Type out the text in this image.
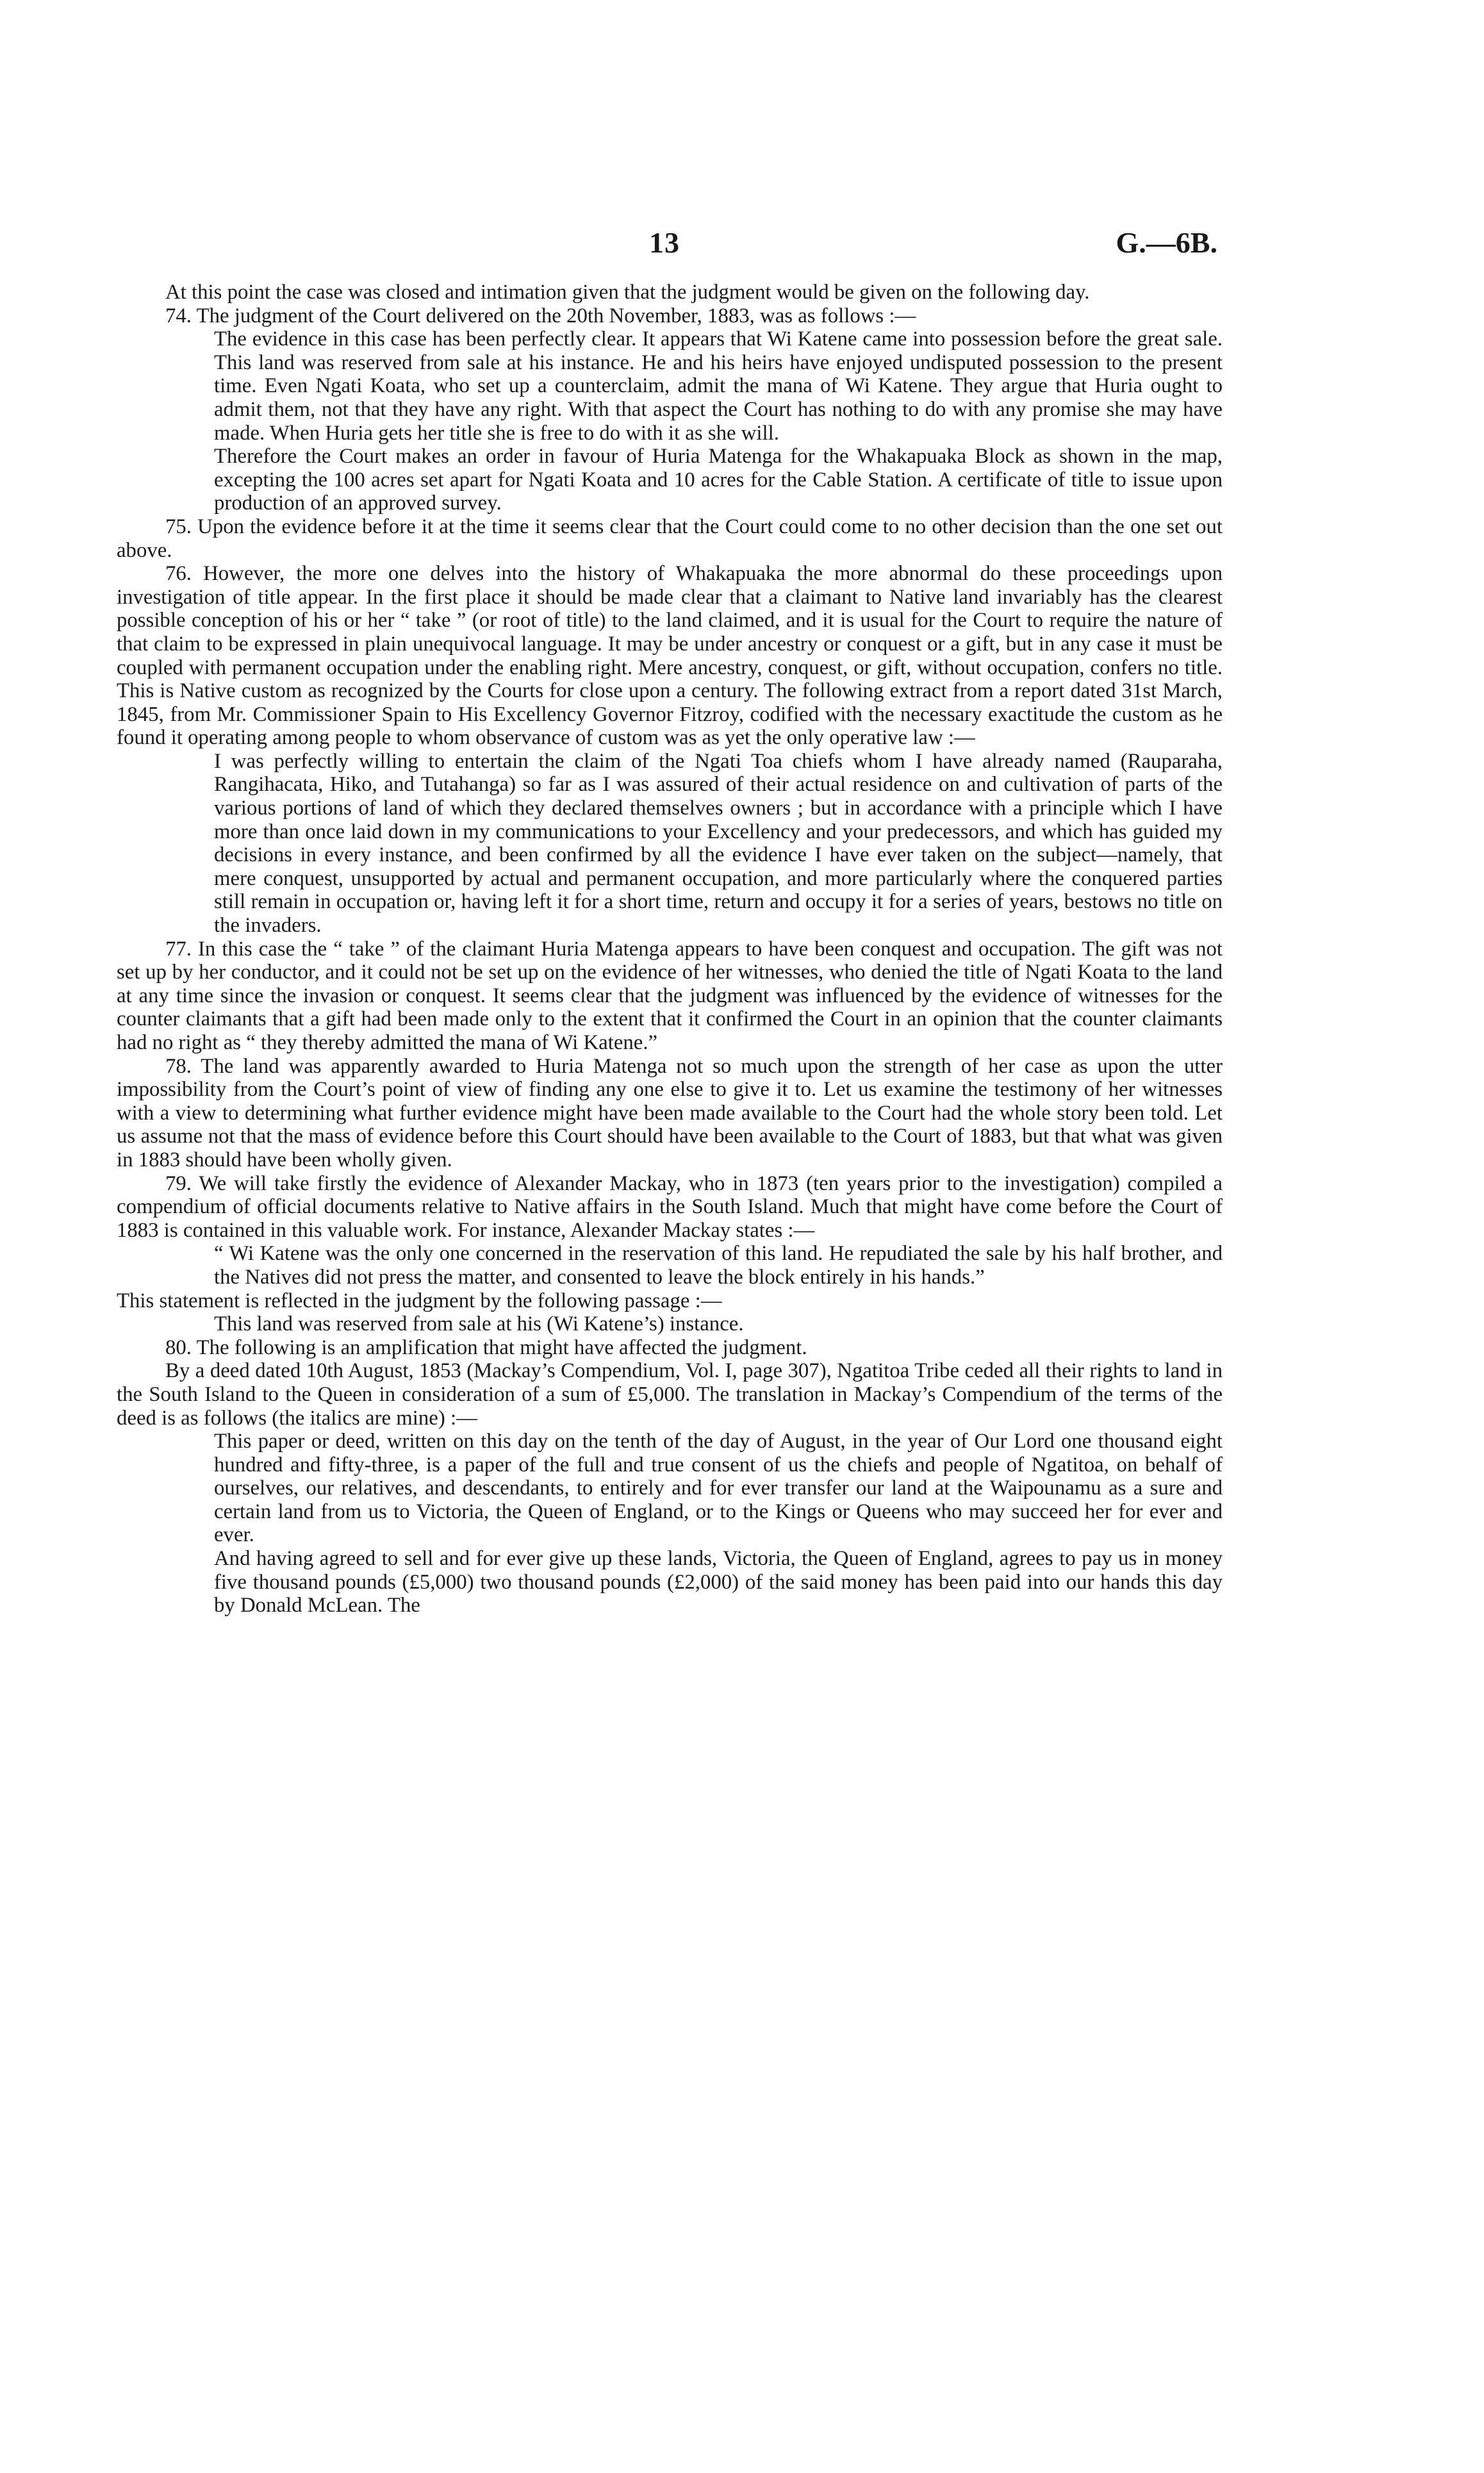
13	G.—6B.

At this point the case was closed and intimation given that the judgment would be given on the following day.

74. The judgment of the Court delivered on the 20th November, 1883, was as follows :—

The evidence in this case has been perfectly clear. It appears that Wi Katene came into possession before the great sale. This land was reserved from sale at his instance. He and his heirs have enjoyed undisputed possession to the present time. Even Ngati Koata, who set up a counterclaim, admit the mana of Wi Katene. They argue that Huria ought to admit them, not that they have any right. With that aspect the Court has nothing to do with any promise she may have made. When Huria gets her title she is free to do with it as she will.

Therefore the Court makes an order in favour of Huria Matenga for the Whakapuaka Block as shown in the map, excepting the 100 acres set apart for Ngati Koata and 10 acres for the Cable Station. A certificate of title to issue upon production of an approved survey.

75. Upon the evidence before it at the time it seems clear that the Court could come to no other decision than the one set out above.

76. However, the more one delves into the history of Whakapuaka the more abnormal do these proceedings upon investigation of title appear. In the first place it should be made clear that a claimant to Native land invariably has the clearest possible conception of his or her “ take ” (or root of title) to the land claimed, and it is usual for the Court to require the nature of that claim to be expressed in plain unequivocal language. It may be under ancestry or conquest or a gift, but in any case it must be coupled with permanent occupation under the enabling right. Mere ancestry, conquest, or gift, without occupation, confers no title. This is Native custom as recognized by the Courts for close upon a century. The following extract from a report dated 31st March, 1845, from Mr. Commissioner Spain to His Excellency Governor Fitzroy, codified with the necessary exactitude the custom as he found it operating among people to whom observance of custom was as yet the only operative law :—

I was perfectly willing to entertain the claim of the Ngati Toa chiefs whom I have already named (Rauparaha, Rangihacata, Hiko, and Tutahanga) so far as I was assured of their actual residence on and cultivation of parts of the various portions of land of which they declared themselves owners ; but in accordance with a principle which I have more than once laid down in my communications to your Excellency and your predecessors, and which has guided my decisions in every instance, and been confirmed by all the evidence I have ever taken on the subject—namely, that mere conquest, unsupported by actual and permanent occupation, and more particularly where the conquered parties still remain in occupation or, having left it for a short time, return and occupy it for a series of years, bestows no title on the invaders.

77. In this case the “ take ” of the claimant Huria Matenga appears to have been conquest and occupation. The gift was not set up by her conductor, and it could not be set up on the evidence of her witnesses, who denied the title of Ngati Koata to the land at any time since the invasion or conquest. It seems clear that the judgment was influenced by the evidence of witnesses for the counter claimants that a gift had been made only to the extent that it confirmed the Court in an opinion that the counter claimants had no right as “ they thereby admitted the mana of Wi Katene.”

78. The land was apparently awarded to Huria Matenga not so much upon the strength of her case as upon the utter impossibility from the Court’s point of view of finding any one else to give it to. Let us examine the testimony of her witnesses with a view to determining what further evidence might have been made available to the Court had the whole story been told. Let us assume not that the mass of evidence before this Court should have been available to the Court of 1883, but that what was given in 1883 should have been wholly given.

79. We will take firstly the evidence of Alexander Mackay, who in 1873 (ten years prior to the investigation) compiled a compendium of official documents relative to Native affairs in the South Island. Much that might have come before the Court of 1883 is contained in this valuable work. For instance, Alexander Mackay states :—

“ Wi Katene was the only one concerned in the reservation of this land. He repudiated the sale by his half brother, and the Natives did not press the matter, and consented to leave the block entirely in his hands.”

This statement is reflected in the judgment by the following passage :—

This land was reserved from sale at his (Wi Katene’s) instance.

80. The following is an amplification that might have affected the judgment.

By a deed dated 10th August, 1853 (Mackay’s Compendium, Vol. I, page 307), Ngatitoa Tribe ceded all their rights to land in the South Island to the Queen in consideration of a sum of £5,000. The translation in Mackay’s Compendium of the terms of the deed is as follows (the italics are mine) :—

This paper or deed, written on this day on the tenth of the day of August, in the year of Our Lord one thousand eight hundred and fifty-three, is a paper of the full and true consent of us the chiefs and people of Ngatitoa, on behalf of ourselves, our relatives, and descendants, to entirely and for ever transfer our land at the Waipounamu as a sure and certain land from us to Victoria, the Queen of England, or to the Kings or Queens who may succeed her for ever and ever.

And having agreed to sell and for ever give up these lands, Victoria, the Queen of England, agrees to pay us in money five thousand pounds (£5,000) two thousand pounds (£2,000) of the said money has been paid into our hands this day by Donald McLean. The
